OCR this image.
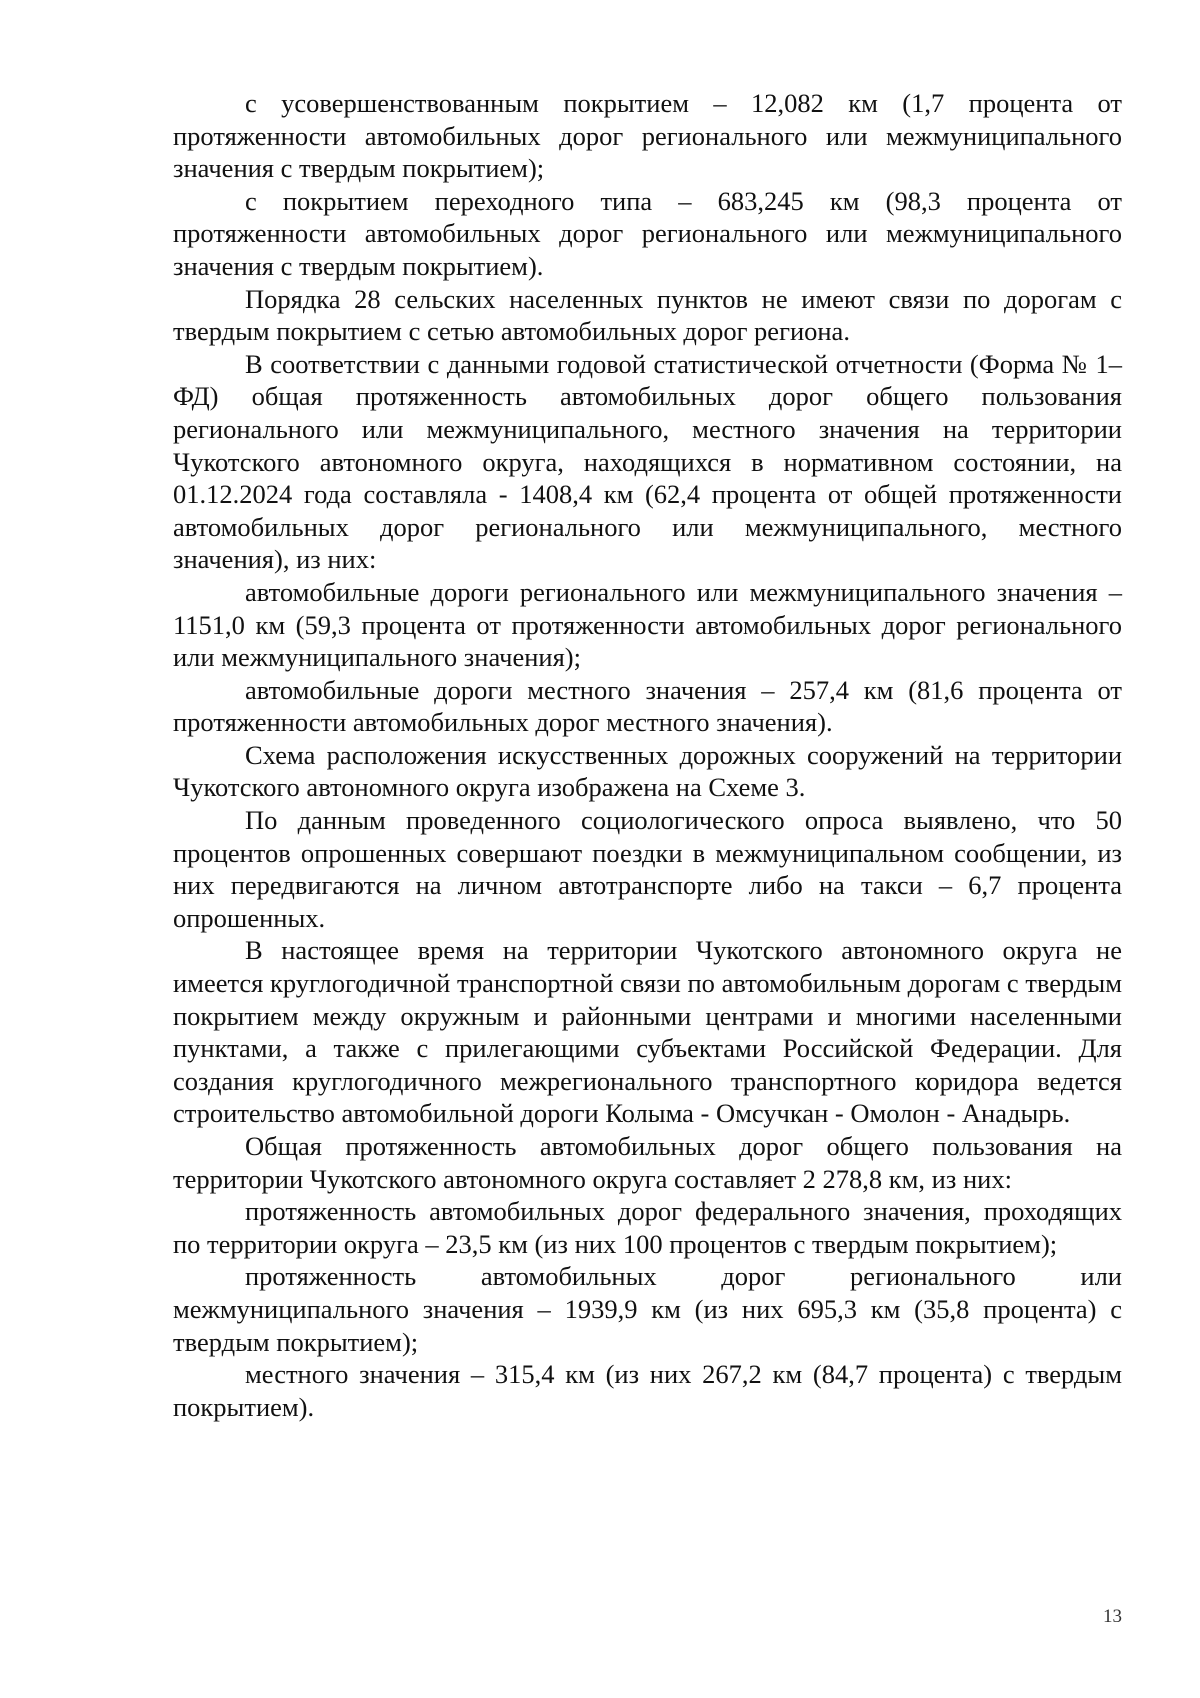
с усовершенствованным покрытием – 12,082 км (1,7 процента от протяженности автомобильных дорог регионального или межмуниципального значения с твердым покрытием);

с покрытием переходного типа – 683,245 км (98,3 процента от протяженности автомобильных дорог регионального или межмуниципального значения с твердым покрытием).

Порядка 28 сельских населенных пунктов не имеют связи по дорогам с твердым покрытием с сетью автомобильных дорог региона.

В соответствии с данными годовой статистической отчетности (Форма № 1–ФД) общая протяженность автомобильных дорог общего пользования регионального или межмуниципального, местного значения на территории Чукотского автономного округа, находящихся в нормативном состоянии, на 01.12.2024 года составляла - 1408,4 км (62,4 процента от общей протяженности автомобильных дорог регионального или межмуниципального, местного значения), из них:

автомобильные дороги регионального или межмуниципального значения – 1151,0 км (59,3 процента от протяженности автомобильных дорог регионального или межмуниципального значения);

автомобильные дороги местного значения – 257,4 км (81,6 процента от протяженности автомобильных дорог местного значения).

Схема расположения искусственных дорожных сооружений на территории Чукотского автономного округа изображена на Схеме 3.

По данным проведенного социологического опроса выявлено, что 50 процентов опрошенных совершают поездки в межмуниципальном сообщении, из них передвигаются на личном автотранспорте либо на такси – 6,7 процента опрошенных.

В настоящее время на территории Чукотского автономного округа не имеется круглогодичной транспортной связи по автомобильным дорогам с твердым покрытием между окружным и районными центрами и многими населенными пунктами, а также с прилегающими субъектами Российской Федерации. Для создания круглогодичного межрегионального транспортного коридора ведется строительство автомобильной дороги Колыма - Омсучкан - Омолон - Анадырь.

Общая протяженность автомобильных дорог общего пользования на территории Чукотского автономного округа составляет 2 278,8 км, из них:

протяженность автомобильных дорог федерального значения, проходящих по территории округа – 23,5 км (из них 100 процентов с твердым покрытием);

протяженность автомобильных дорог регионального или межмуниципального значения – 1939,9 км (из них 695,3 км (35,8 процента) с твердым покрытием);

местного значения – 315,4 км (из них 267,2 км (84,7 процента) с твердым покрытием).

13
